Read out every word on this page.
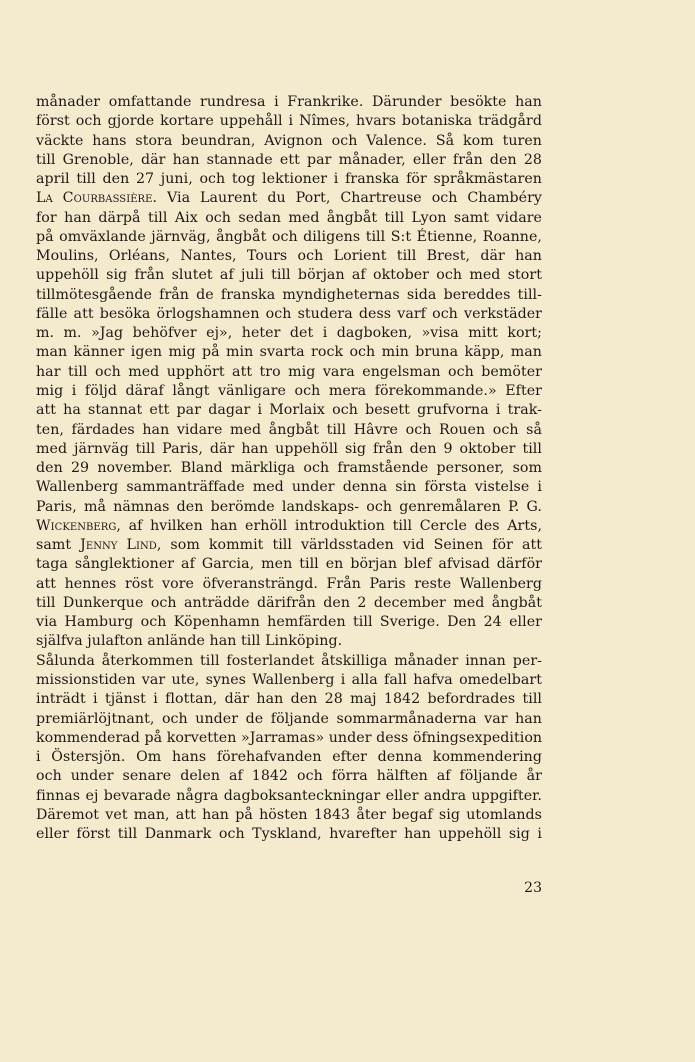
månader omfattande rundresa i Frankrike. Därunder besökte han
först och gjorde kortare uppehåll i Nîmes, hvars botaniska trädgård
väckte hans stora beundran, Avignon och Valence. Så kom turen
till Grenoble, där han stannade ett par månader, eller från den 28
april till den 27 juni, och tog lektioner i franska för språkmästaren
La Courbassière. Via Laurent du Port, Chartreuse och Chambéry
for han därpå till Aix och sedan med ångbåt till Lyon samt vidare
på omväxlande järnväg, ångbåt och diligens till S:t Étienne, Roanne,
Moulins, Orléans, Nantes, Tours och Lorient till Brest, där han
uppehöll sig från slutet af juli till början af oktober och med stort
tillmötesgående från de franska myndigheternas sida bereddes till-
fälle att besöka örlogshamnen och studera dess varf och verkstäder
m. m. »Jag behöfver ej», heter det i dagboken, »visa mitt kort;
man känner igen mig på min svarta rock och min bruna käpp, man
har till och med upphört att tro mig vara engelsman och bemöter
mig i följd däraf långt vänligare och mera förekommande.» Efter
att ha stannat ett par dagar i Morlaix och besett grufvorna i trak-
ten, färdades han vidare med ångbåt till Hâvre och Rouen och så
med järnväg till Paris, där han uppehöll sig från den 9 oktober till
den 29 november. Bland märkliga och framstående personer, som
Wallenberg sammanträffade med under denna sin första vistelse i
Paris, må nämnas den berömde landskaps- och genremålaren P. G.
Wickenberg, af hvilken han erhöll introduktion till Cercle des Arts,
samt Jenny Lind, som kommit till världsstaden vid Seinen för att
taga sånglektioner af Garcia, men till en början blef afvisad därför
att hennes röst vore öfveransträngd. Från Paris reste Wallenberg
till Dunkerque och anträdde därifrån den 2 december med ångbåt
via Hamburg och Köpenhamn hemfärden till Sverige. Den 24 eller
själfva julafton anlände han till Linköping.
Sålunda återkommen till fosterlandet åtskilliga månader innan per-
missionstiden var ute, synes Wallenberg i alla fall hafva omedelbart
inträdt i tjänst i flottan, där han den 28 maj 1842 befordrades till
premiärlöjtnant, och under de följande sommarmånaderna var han
kommenderad på korvetten »Jarramas» under dess öfningsexpedition
i Östersjön. Om hans förehafvanden efter denna kommendering
och under senare delen af 1842 och förra hälften af följande år
finnas ej bevarade några dagboksanteckningar eller andra uppgifter.
Däremot vet man, att han på hösten 1843 åter begaf sig utomlands
eller först till Danmark och Tyskland, hvarefter han uppehöll sig i
23
